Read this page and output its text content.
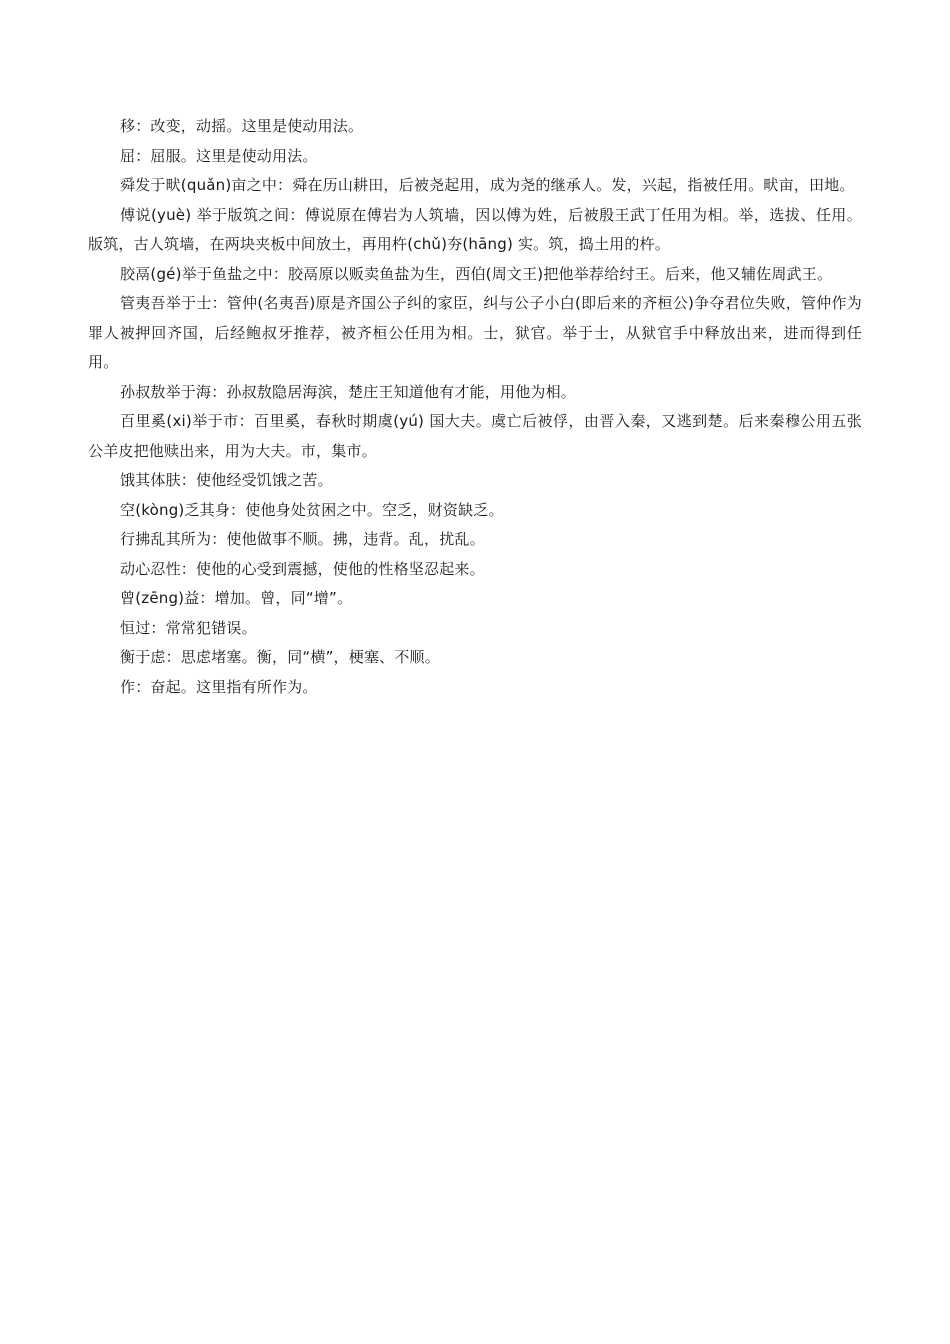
移：改变，动摇。这里是使动用法。

屈：屈服。这里是使动用法。

舜发于畎(quǎn)亩之中：舜在历山耕田，后被尧起用，成为尧的继承人。发，兴起，指被任用。畎亩，田地。

傅说(yuè) 举于版筑之间：傅说原在傅岩为人筑墙，因以傅为姓，后被殷王武丁任用为相。举，选拔、任用。版筑，古人筑墙，在两块夹板中间放土，再用杵(chǔ)夯(hāng) 实。筑，捣土用的杵。

胶鬲(gé)举于鱼盐之中：胶鬲原以贩卖鱼盐为生，西伯(周文王)把他举荐给纣王。后来，他又辅佐周武王。

管夷吾举于士：管仲(名夷吾)原是齐国公子纠的家臣，纠与公子小白(即后来的齐桓公)争夺君位失败，管仲作为罪人被押回齐国，后经鲍叔牙推荐，被齐桓公任用为相。士，狱官。举于士，从狱官手中释放出来，进而得到任用。

孙叔敖举于海：孙叔敖隐居海滨，楚庄王知道他有才能，用他为相。

百里奚(xi)举于市：百里奚，春秋时期虞(yú) 国大夫。虞亡后被俘，由晋入秦，又逃到楚。后来秦穆公用五张公羊皮把他赎出来，用为大夫。市，集市。

饿其体肤：使他经受饥饿之苦。

空(kòng)乏其身：使他身处贫困之中。空乏，财资缺乏。

行拂乱其所为：使他做事不顺。拂，违背。乱，扰乱。

动心忍性：使他的心受到震撼，使他的性格坚忍起来。

曾(zēng)益：增加。曾，同“增”。

恒过：常常犯错误。

衡于虑：思虑堵塞。衡，同“横”，梗塞、不顺。

作：奋起。这里指有所作为。
